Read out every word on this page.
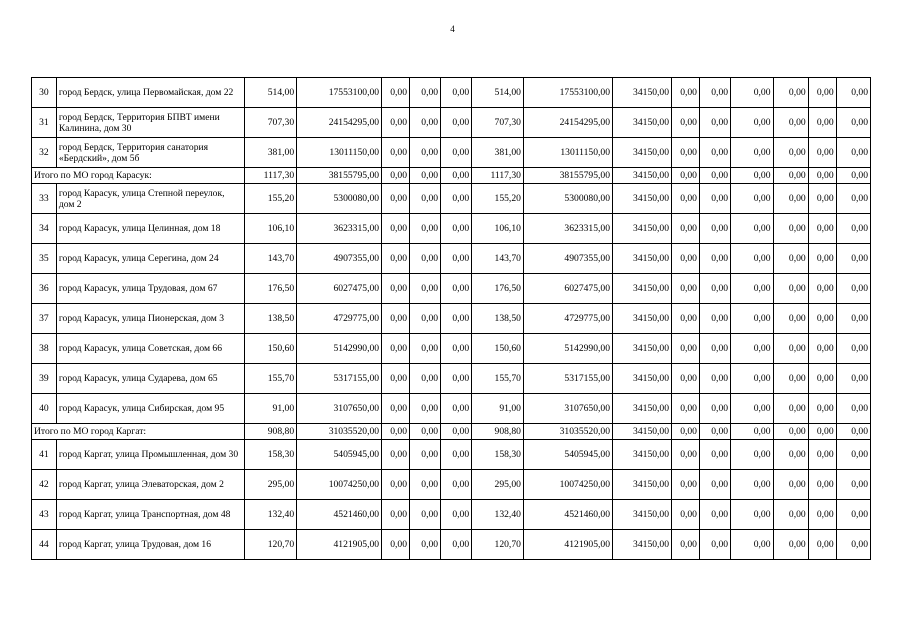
4
30	город Бердск, улица Первомайская, дом 22	514,00	17553100,00	0,00	0,00	0,00	514,00	17553100,00	34150,00	0,00	0,00	0,00	0,00	0,00	0,00
31	город Бердск, Территория БПВТ имени Калинина, дом 30	707,30	24154295,00	0,00	0,00	0,00	707,30	24154295,00	34150,00	0,00	0,00	0,00	0,00	0,00	0,00
32	город Бердск, Территория санатория «Бердский», дом 5б	381,00	13011150,00	0,00	0,00	0,00	381,00	13011150,00	34150,00	0,00	0,00	0,00	0,00	0,00	0,00
Итого по МО город Карасук:		1117,30	38155795,00	0,00	0,00	0,00	1117,30	38155795,00	34150,00	0,00	0,00	0,00	0,00	0,00	0,00
33	город Карасук, улица Степной переулок, дом 2	155,20	5300080,00	0,00	0,00	0,00	155,20	5300080,00	34150,00	0,00	0,00	0,00	0,00	0,00	0,00
34	город Карасук, улица Целинная, дом 18	106,10	3623315,00	0,00	0,00	0,00	106,10	3623315,00	34150,00	0,00	0,00	0,00	0,00	0,00	0,00
35	город Карасук, улица Серегина, дом 24	143,70	4907355,00	0,00	0,00	0,00	143,70	4907355,00	34150,00	0,00	0,00	0,00	0,00	0,00	0,00
36	город Карасук, улица Трудовая, дом 67	176,50	6027475,00	0,00	0,00	0,00	176,50	6027475,00	34150,00	0,00	0,00	0,00	0,00	0,00	0,00
37	город Карасук, улица Пионерская, дом 3	138,50	4729775,00	0,00	0,00	0,00	138,50	4729775,00	34150,00	0,00	0,00	0,00	0,00	0,00	0,00
38	город Карасук, улица Советская, дом 66	150,60	5142990,00	0,00	0,00	0,00	150,60	5142990,00	34150,00	0,00	0,00	0,00	0,00	0,00	0,00
39	город Карасук, улица Сударева, дом 65	155,70	5317155,00	0,00	0,00	0,00	155,70	5317155,00	34150,00	0,00	0,00	0,00	0,00	0,00	0,00
40	город Карасук, улица Сибирская, дом 95	91,00	3107650,00	0,00	0,00	0,00	91,00	3107650,00	34150,00	0,00	0,00	0,00	0,00	0,00	0,00
Итого по МО город Каргат:		908,80	31035520,00	0,00	0,00	0,00	908,80	31035520,00	34150,00	0,00	0,00	0,00	0,00	0,00	0,00
41	город Каргат, улица Промышленная, дом 30	158,30	5405945,00	0,00	0,00	0,00	158,30	5405945,00	34150,00	0,00	0,00	0,00	0,00	0,00	0,00
42	город Каргат, улица Элеваторская, дом 2	295,00	10074250,00	0,00	0,00	0,00	295,00	10074250,00	34150,00	0,00	0,00	0,00	0,00	0,00	0,00
43	город Каргат, улица Транспортная, дом 48	132,40	4521460,00	0,00	0,00	0,00	132,40	4521460,00	34150,00	0,00	0,00	0,00	0,00	0,00	0,00
44	город Каргат, улица Трудовая, дом 16	120,70	4121905,00	0,00	0,00	0,00	120,70	4121905,00	34150,00	0,00	0,00	0,00	0,00	0,00	0,00
